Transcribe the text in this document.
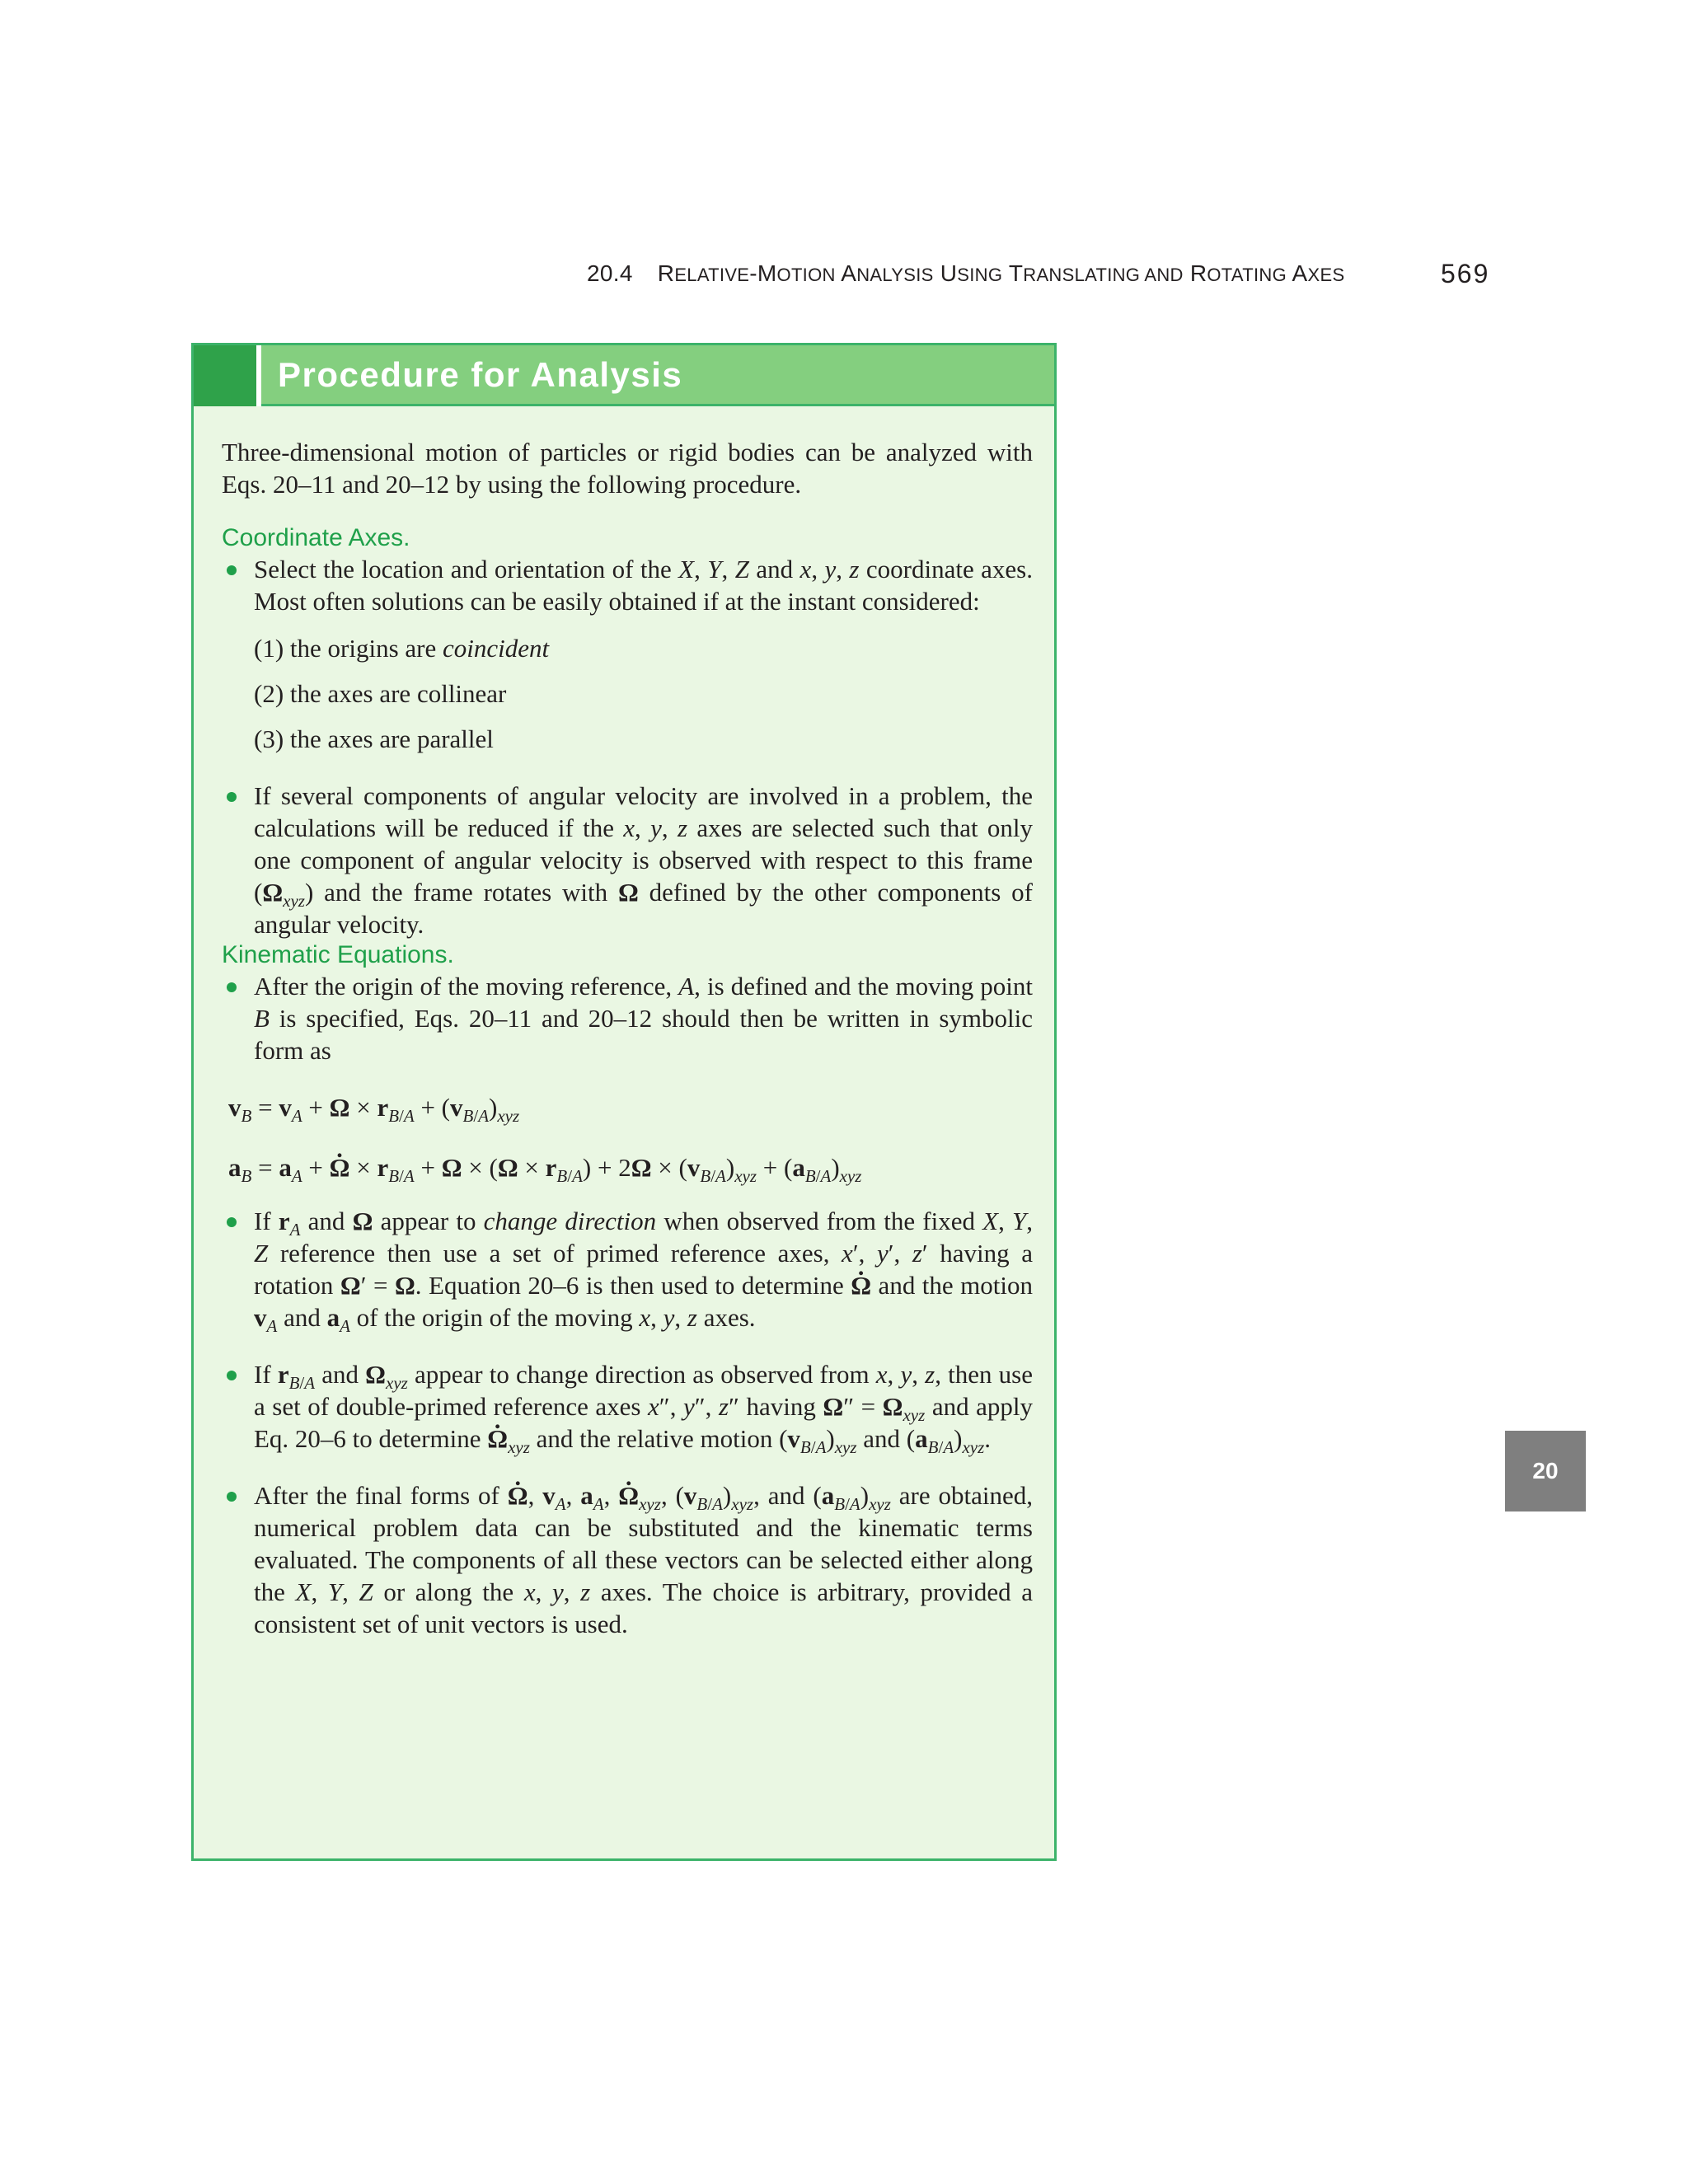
20.4 RELATIVE-MOTION ANALYSIS USING TRANSLATING AND ROTATING AXES	569
20
Procedure for Analysis

Three-dimensional motion of particles or rigid bodies can be analyzed with Eqs. 20–11 and 20–12 by using the following procedure.

Coordinate Axes.

Select the location and orientation of the X, Y, Z and x, y, z coordinate axes. Most often solutions can be easily obtained if at the instant considered:

(1) the origins are coincident

(2) the axes are collinear

(3) the axes are parallel

If several components of angular velocity are involved in a problem, the calculations will be reduced if the x, y, z axes are selected such that only one component of angular velocity is observed with respect to this frame $(\Omega_{xyz})$ and the frame rotates with Ω defined by the other components of angular velocity.

Kinematic Equations.

After the origin of the moving reference, A, is defined and the moving point B is specified, Eqs. 20–11 and 20–12 should then be written in symbolic form as

$v_B = v_A + \Omega \times r_{B/A} + (v_{B/A})_{xyz}$

$a_B = a_A + \Omega$ . × $r_{B/A} + \Omega \times (\Omega \times r_{B/A}) + 2\Omega \times (v_{B/A})_{xyz} + (a_{B/A})_{xyz}$

If $r_A$ and Ω appear to change direction when observed from the fixed X, Y, Z reference then use a set of primed reference axes, x′, y′, z′ having a rotation Ω′ = Ω. Equation 20–6 is then used to determine Ω . and the motion $v_A$ and $a_A$ of the origin of the moving x, y, z axes.

If $r_{B/A}$ and $\Omega_{xyz}$ appear to change direction as observed from x, y, z, then use a set of double-primed reference axes x″, y″, z″ having $\Omega'' = \Omega_{xyz}$ and apply Eq. 20–6 to determine Ω $._{xyz}$ and the relative motion $(v_{B/A})_{xyz}$ and $(a_{B/A})_{xyz}$.

After the final forms of Ω ., $v_A$, $a_A$, Ω $._{xyz}$, $(v_{B/A})_{xyz}$, and $(a_{B/A})_{xyz}$ are obtained, numerical problem data can be substituted and the kinematic terms evaluated. The components of all these vectors can be selected either along the X, Y, Z or along the x, y, z axes. The choice is arbitrary, provided a consistent set of unit vectors is used.
